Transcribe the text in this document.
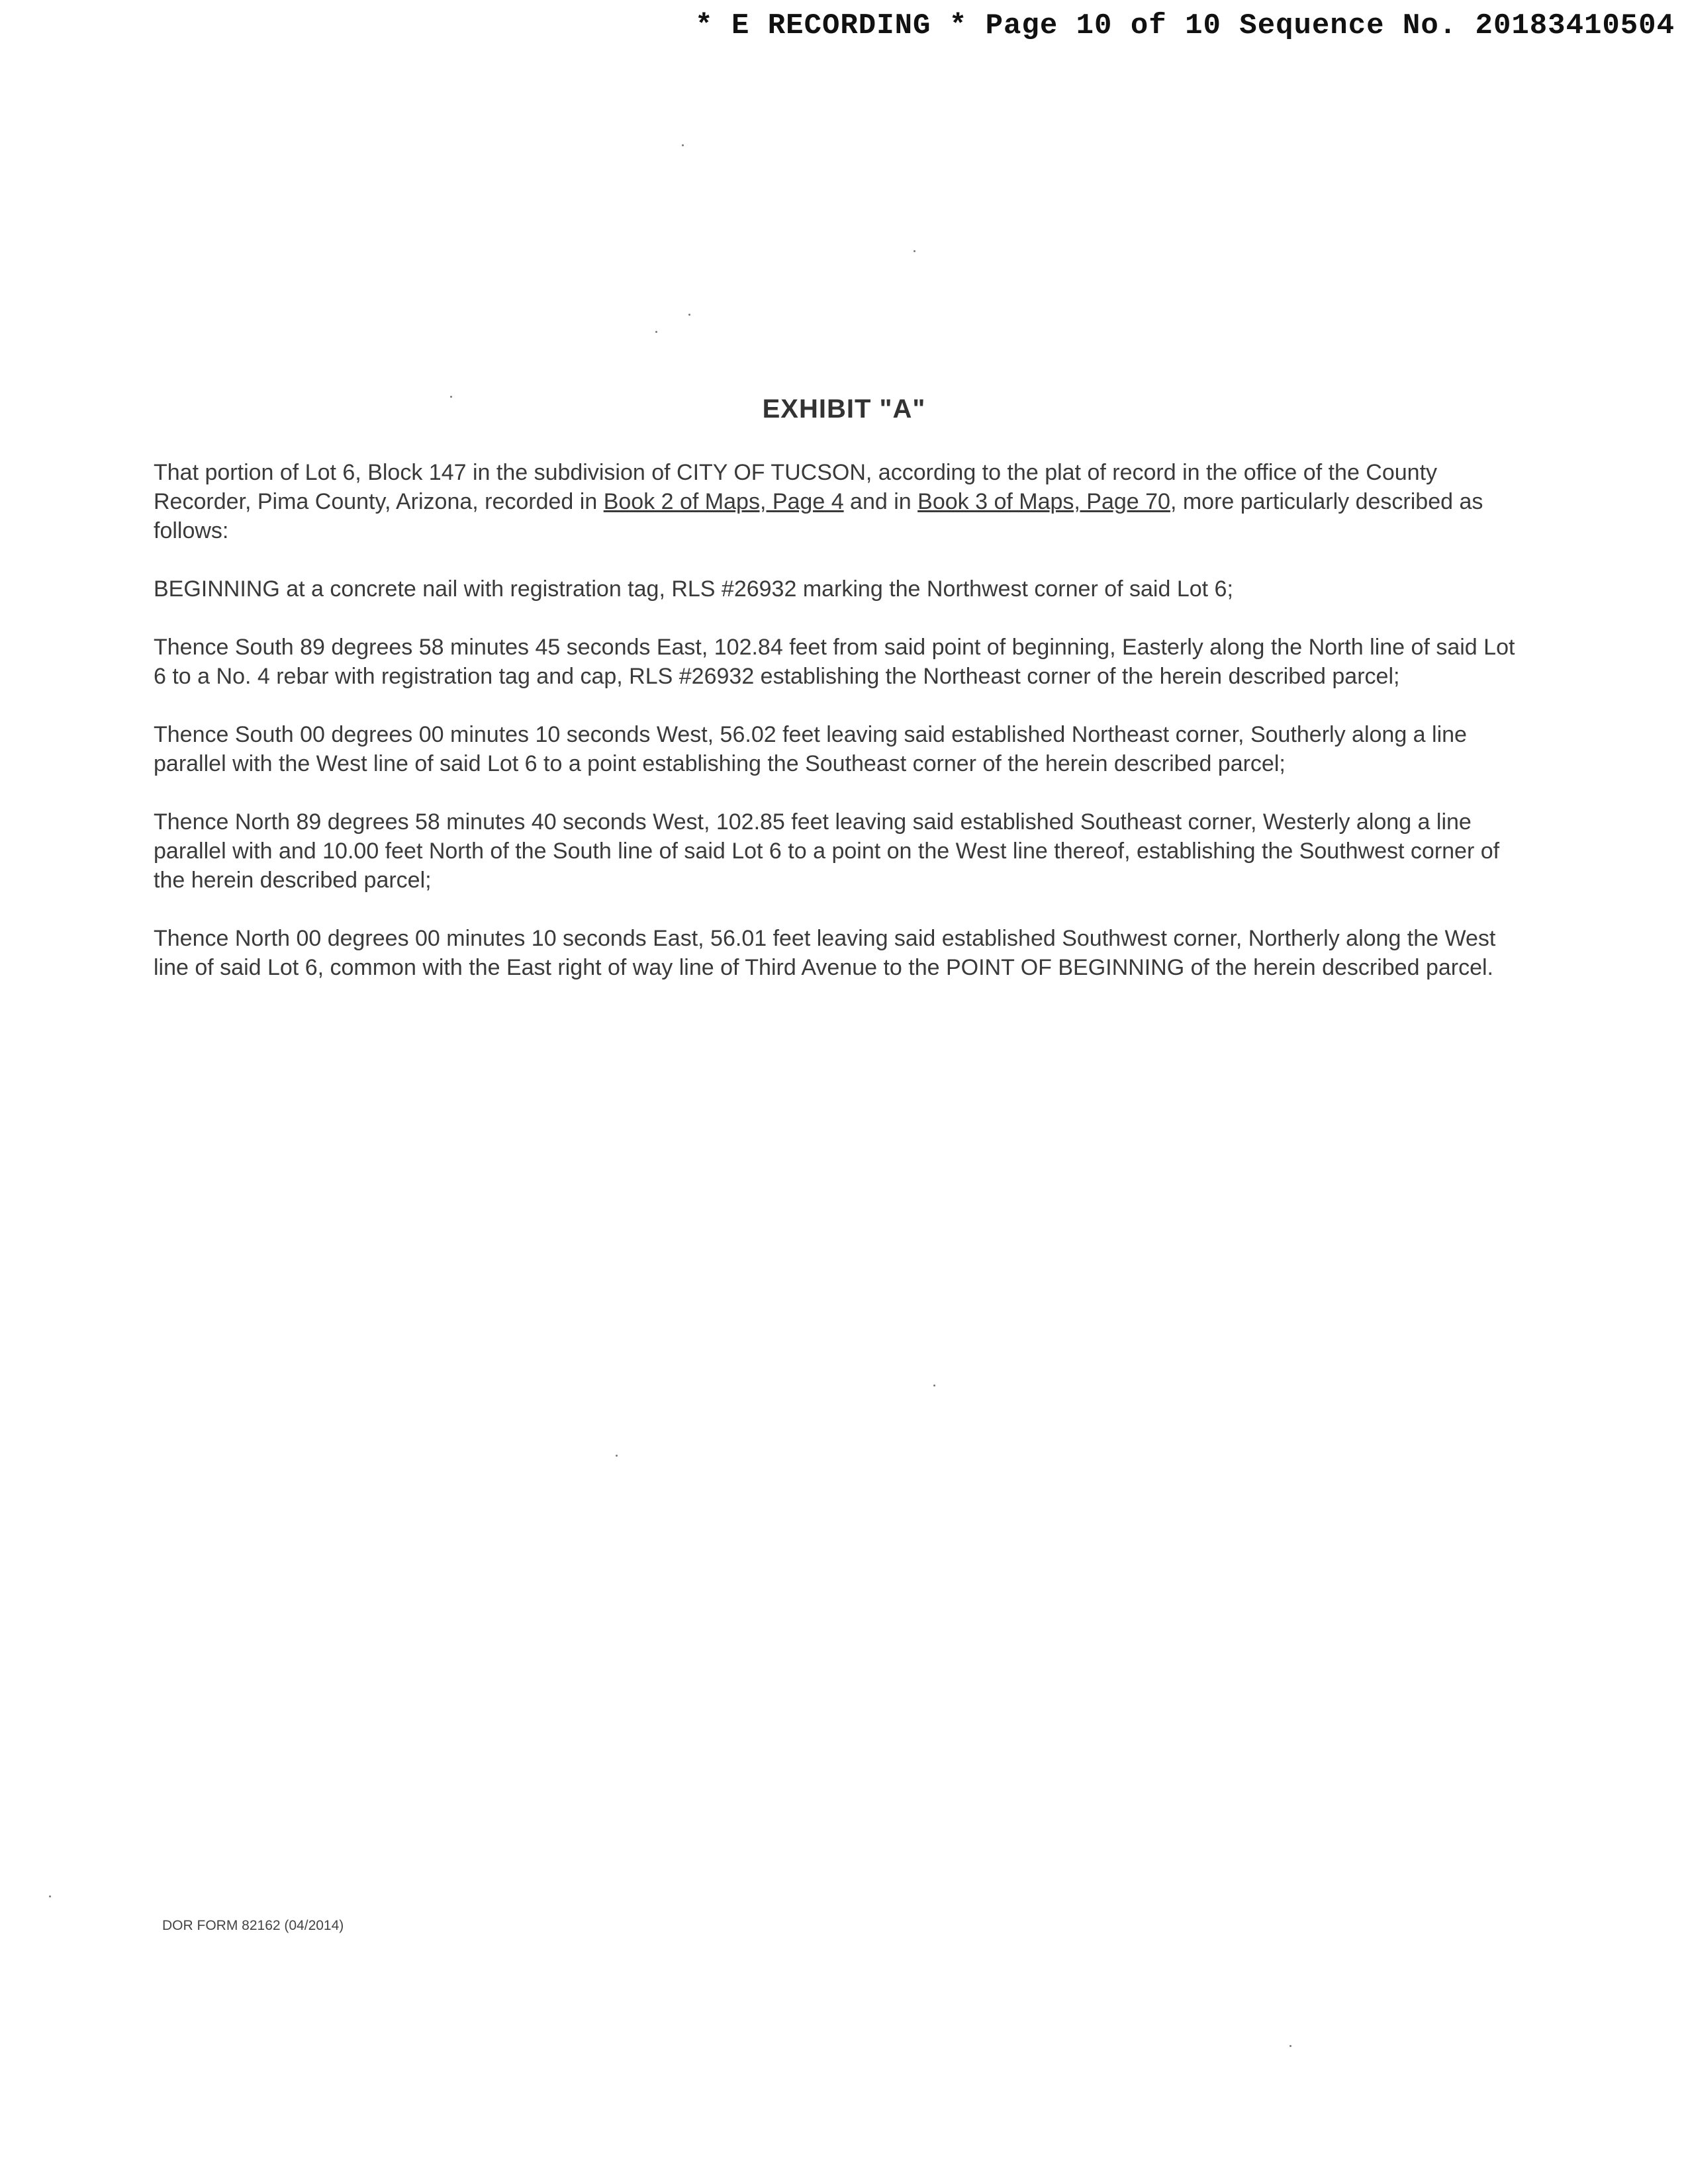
* E RECORDING * Page 10 of 10 Sequence No. 20183410504
EXHIBIT "A"

That portion of Lot 6, Block 147 in the subdivision of CITY OF TUCSON, according to the plat of record in the office of the County Recorder, Pima County, Arizona, recorded in Book 2 of Maps, Page 4 and in Book 3 of Maps, Page 70, more particularly described as follows:

BEGINNING at a concrete nail with registration tag, RLS #26932 marking the Northwest corner of said Lot 6;

Thence South 89 degrees 58 minutes 45 seconds East, 102.84 feet from said point of beginning, Easterly along the North line of said Lot 6 to a No. 4 rebar with registration tag and cap, RLS #26932 establishing the Northeast corner of the herein described parcel;

Thence South 00 degrees 00 minutes 10 seconds West, 56.02 feet leaving said established Northeast corner, Southerly along a line parallel with the West line of said Lot 6 to a point establishing the Southeast corner of the herein described parcel;

Thence North 89 degrees 58 minutes 40 seconds West, 102.85 feet leaving said established Southeast corner, Westerly along a line parallel with and 10.00 feet North of the South line of said Lot 6 to a point on the West line thereof, establishing the Southwest corner of the herein described parcel;

Thence North 00 degrees 00 minutes 10 seconds East, 56.01 feet leaving said established Southwest corner, Northerly along the West line of said Lot 6, common with the East right of way line of Third Avenue to the POINT OF BEGINNING of the herein described parcel.

DOR FORM 82162 (04/2014)
